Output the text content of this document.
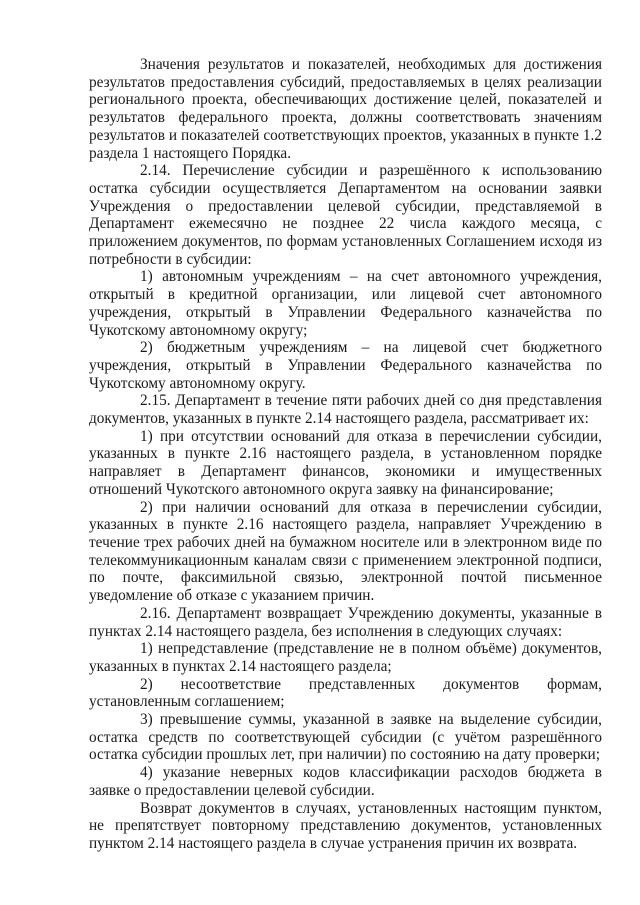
Значения результатов и показателей, необходимых для достижения результатов предоставления субсидий, предоставляемых в целях реализации регионального проекта, обеспечивающих достижение целей, показателей и результатов федерального проекта, должны соответствовать значениям результатов и показателей соответствующих проектов, указанных в пункте 1.2 раздела 1 настоящего Порядка.

2.14. Перечисление субсидии и разрешённого к использованию остатка субсидии осуществляется Департаментом на основании заявки Учреждения о предоставлении целевой субсидии, представляемой в Департамент ежемесячно не позднее 22 числа каждого месяца, с приложением документов, по формам установленных Соглашением исходя из потребности в субсидии:

1) автономным учреждениям – на счет автономного учреждения, открытый в кредитной организации, или лицевой счет автономного учреждения, открытый в Управлении Федерального казначейства по Чукотскому автономному округу;

2) бюджетным учреждениям – на лицевой счет бюджетного учреждения, открытый в Управлении Федерального казначейства по Чукотскому автономному округу.

2.15. Департамент в течение пяти рабочих дней со дня представления документов, указанных в пункте 2.14 настоящего раздела, рассматривает их:

1) при отсутствии оснований для отказа в перечислении субсидии, указанных в пункте 2.16 настоящего раздела, в установленном порядке направляет в Департамент финансов, экономики и имущественных отношений Чукотского автономного округа заявку на финансирование;

2) при наличии оснований для отказа в перечислении субсидии, указанных в пункте 2.16 настоящего раздела, направляет Учреждению в течение трех рабочих дней на бумажном носителе или в электронном виде по телекоммуникационным каналам связи с применением электронной подписи, по почте, факсимильной связью, электронной почтой письменное уведомление об отказе с указанием причин.

2.16. Департамент возвращает Учреждению документы, указанные в пунктах 2.14 настоящего раздела, без исполнения в следующих случаях:

1) непредставление (представление не в полном объёме) документов, указанных в пунктах 2.14 настоящего раздела;

2) несоответствие представленных документов формам, установленным соглашением;

3) превышение суммы, указанной в заявке на выделение субсидии, остатка средств по соответствующей субсидии (с учётом разрешённого остатка субсидии прошлых лет, при наличии) по состоянию на дату проверки;

4) указание неверных кодов классификации расходов бюджета в заявке о предоставлении целевой субсидии.

Возврат документов в случаях, установленных настоящим пунктом, не препятствует повторному представлению документов, установленных пунктом 2.14 настоящего раздела в случае устранения причин их возврата.
